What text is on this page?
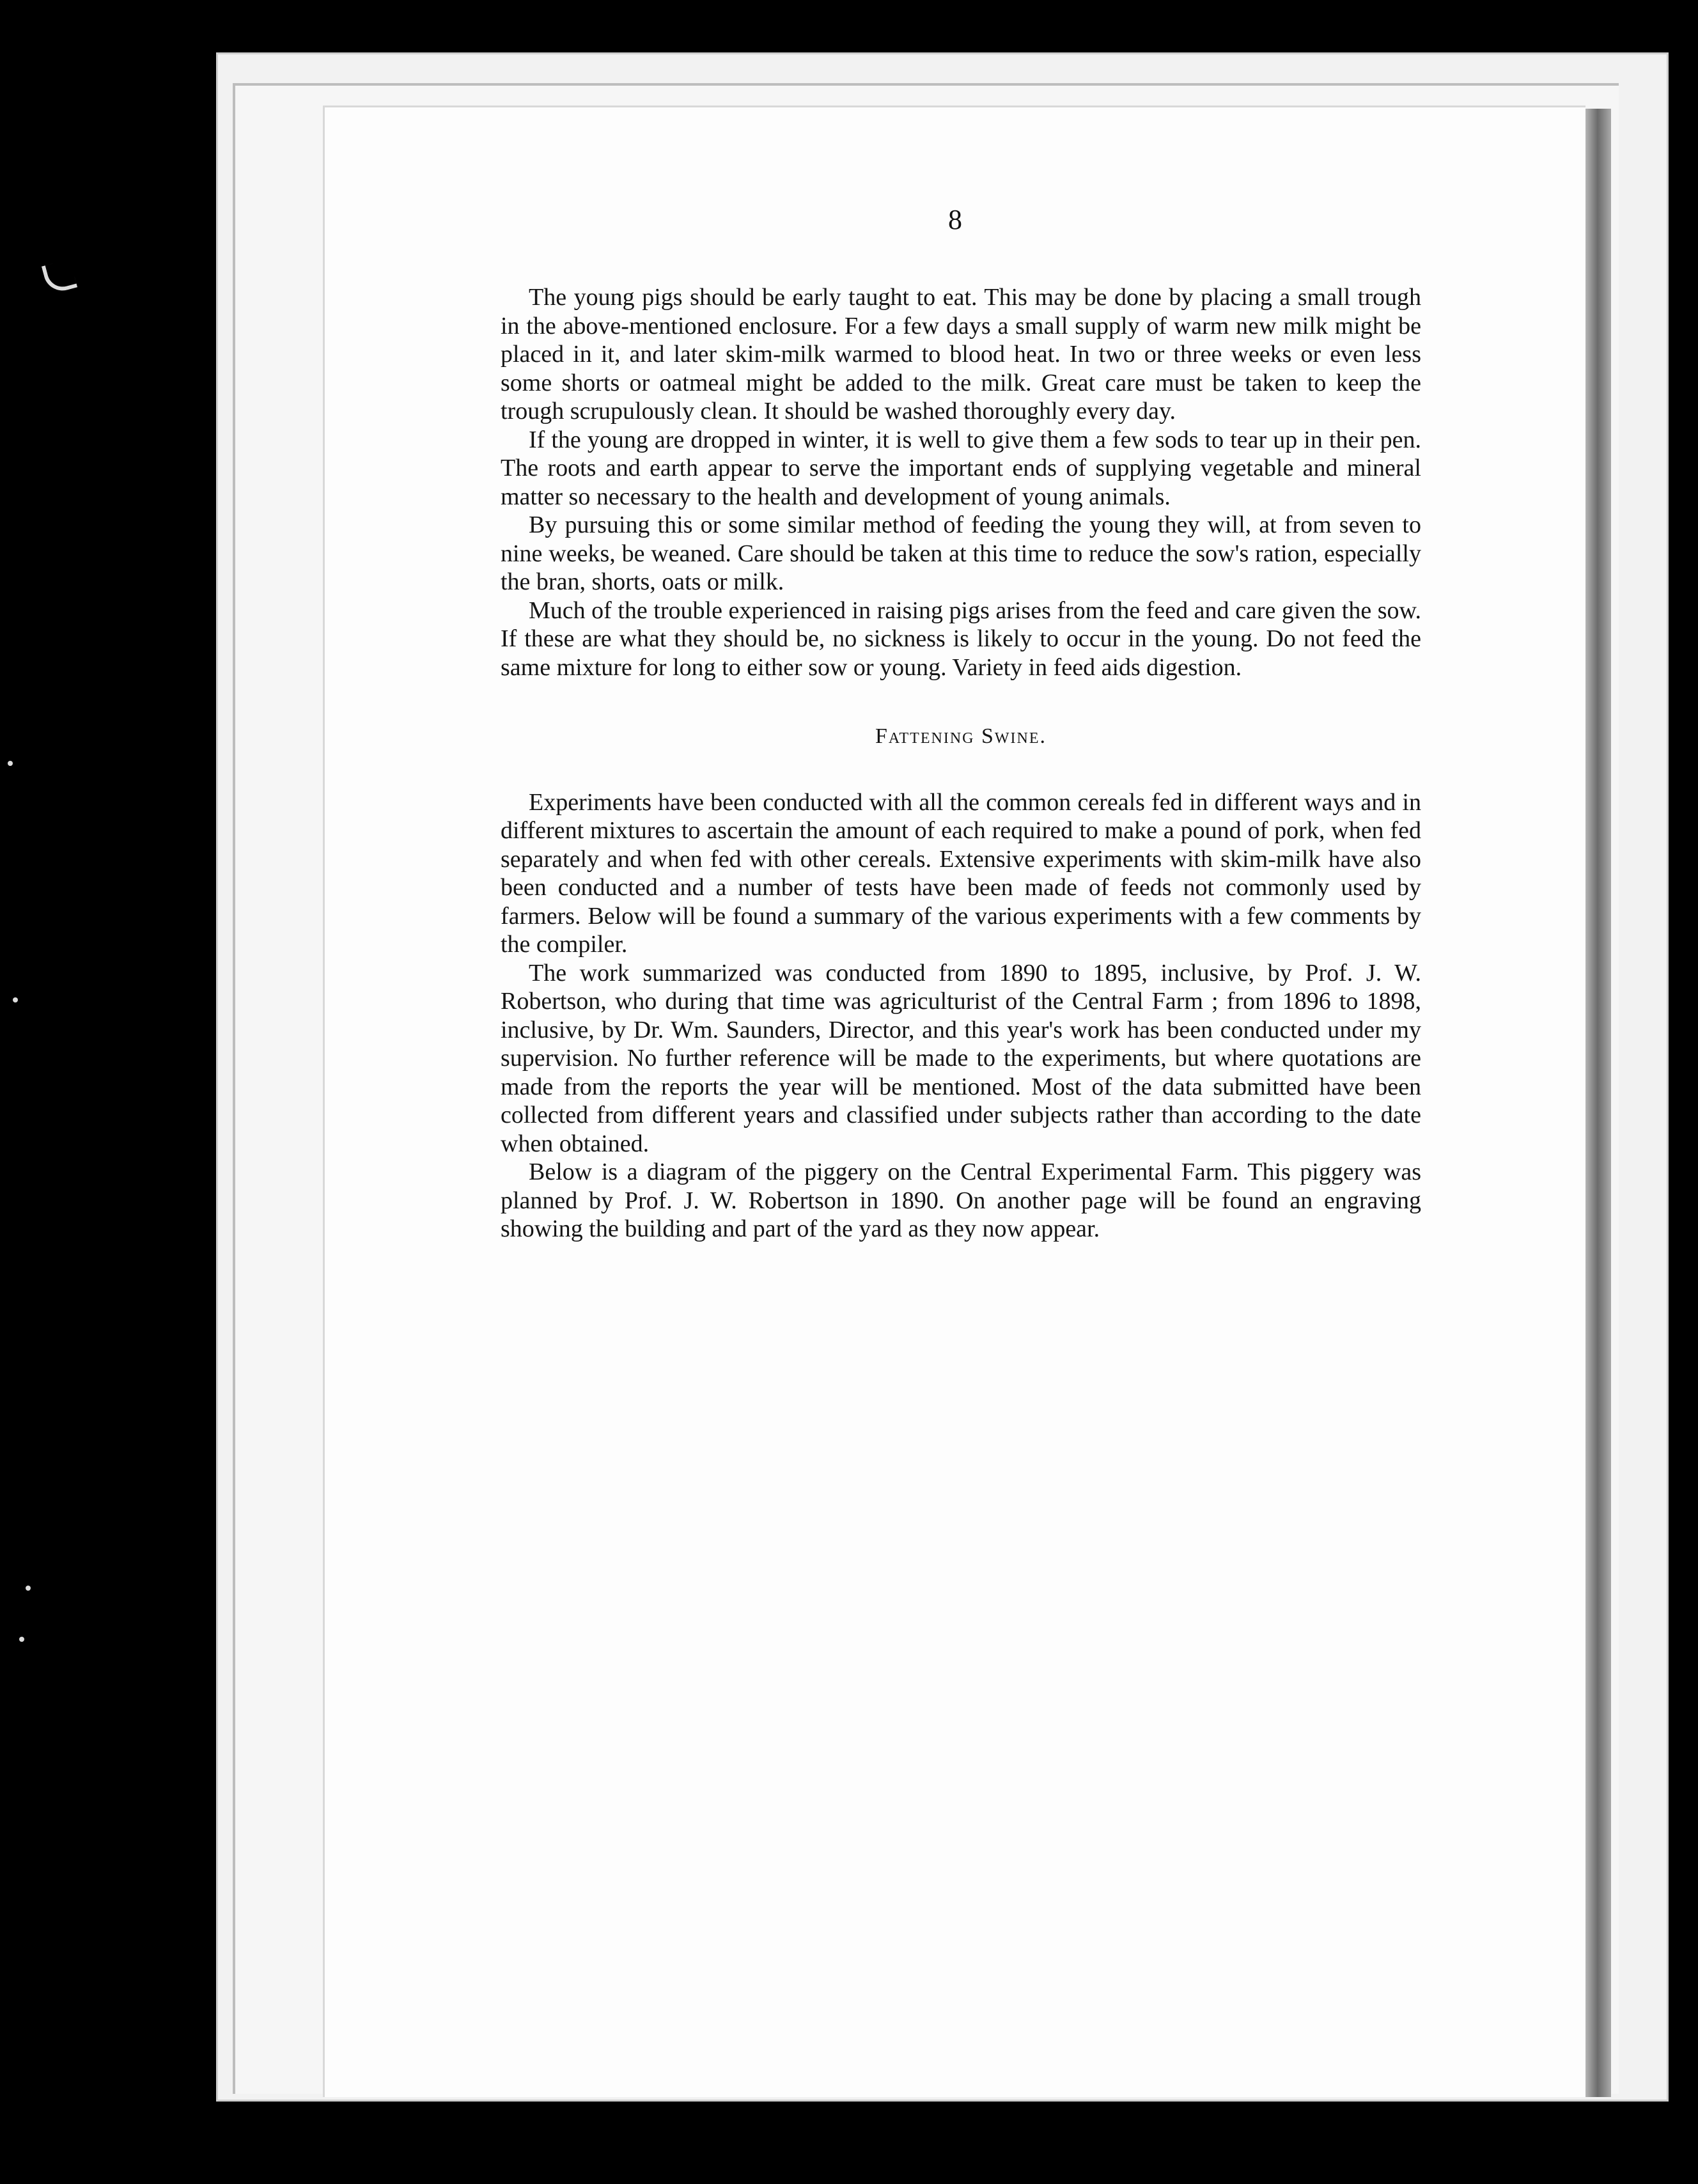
8

The young pigs should be early taught to eat. This may be done by placing a small trough in the above-mentioned enclosure. For a few days a small supply of warm new milk might be placed in it, and later skim-milk warmed to blood heat. In two or three weeks or even less some shorts or oatmeal might be added to the milk. Great care must be taken to keep the trough scrupulously clean. It should be washed thoroughly every day.

If the young are dropped in winter, it is well to give them a few sods to tear up in their pen. The roots and earth appear to serve the important ends of supplying vegetable and mineral matter so necessary to the health and development of young animals.

By pursuing this or some similar method of feeding the young they will, at from seven to nine weeks, be weaned. Care should be taken at this time to reduce the sow's ration, especially the bran, shorts, oats or milk.

Much of the trouble experienced in raising pigs arises from the feed and care given the sow. If these are what they should be, no sickness is likely to occur in the young. Do not feed the same mixture for long to either sow or young. Variety in feed aids digestion.

Fattening Swine.

Experiments have been conducted with all the common cereals fed in different ways and in different mixtures to ascertain the amount of each required to make a pound of pork, when fed separately and when fed with other cereals. Extensive experiments with skim-milk have also been conducted and a number of tests have been made of feeds not commonly used by farmers. Below will be found a summary of the various experiments with a few comments by the compiler.

The work summarized was conducted from 1890 to 1895, inclusive, by Prof. J. W. Robertson, who during that time was agriculturist of the Central Farm ; from 1896 to 1898, inclusive, by Dr. Wm. Saunders, Director, and this year's work has been conducted under my supervision. No further reference will be made to the experiments, but where quotations are made from the reports the year will be mentioned. Most of the data submitted have been collected from different years and classified under subjects rather than according to the date when obtained.

Below is a diagram of the piggery on the Central Experimental Farm. This piggery was planned by Prof. J. W. Robertson in 1890. On another page will be found an engraving showing the building and part of the yard as they now appear.
